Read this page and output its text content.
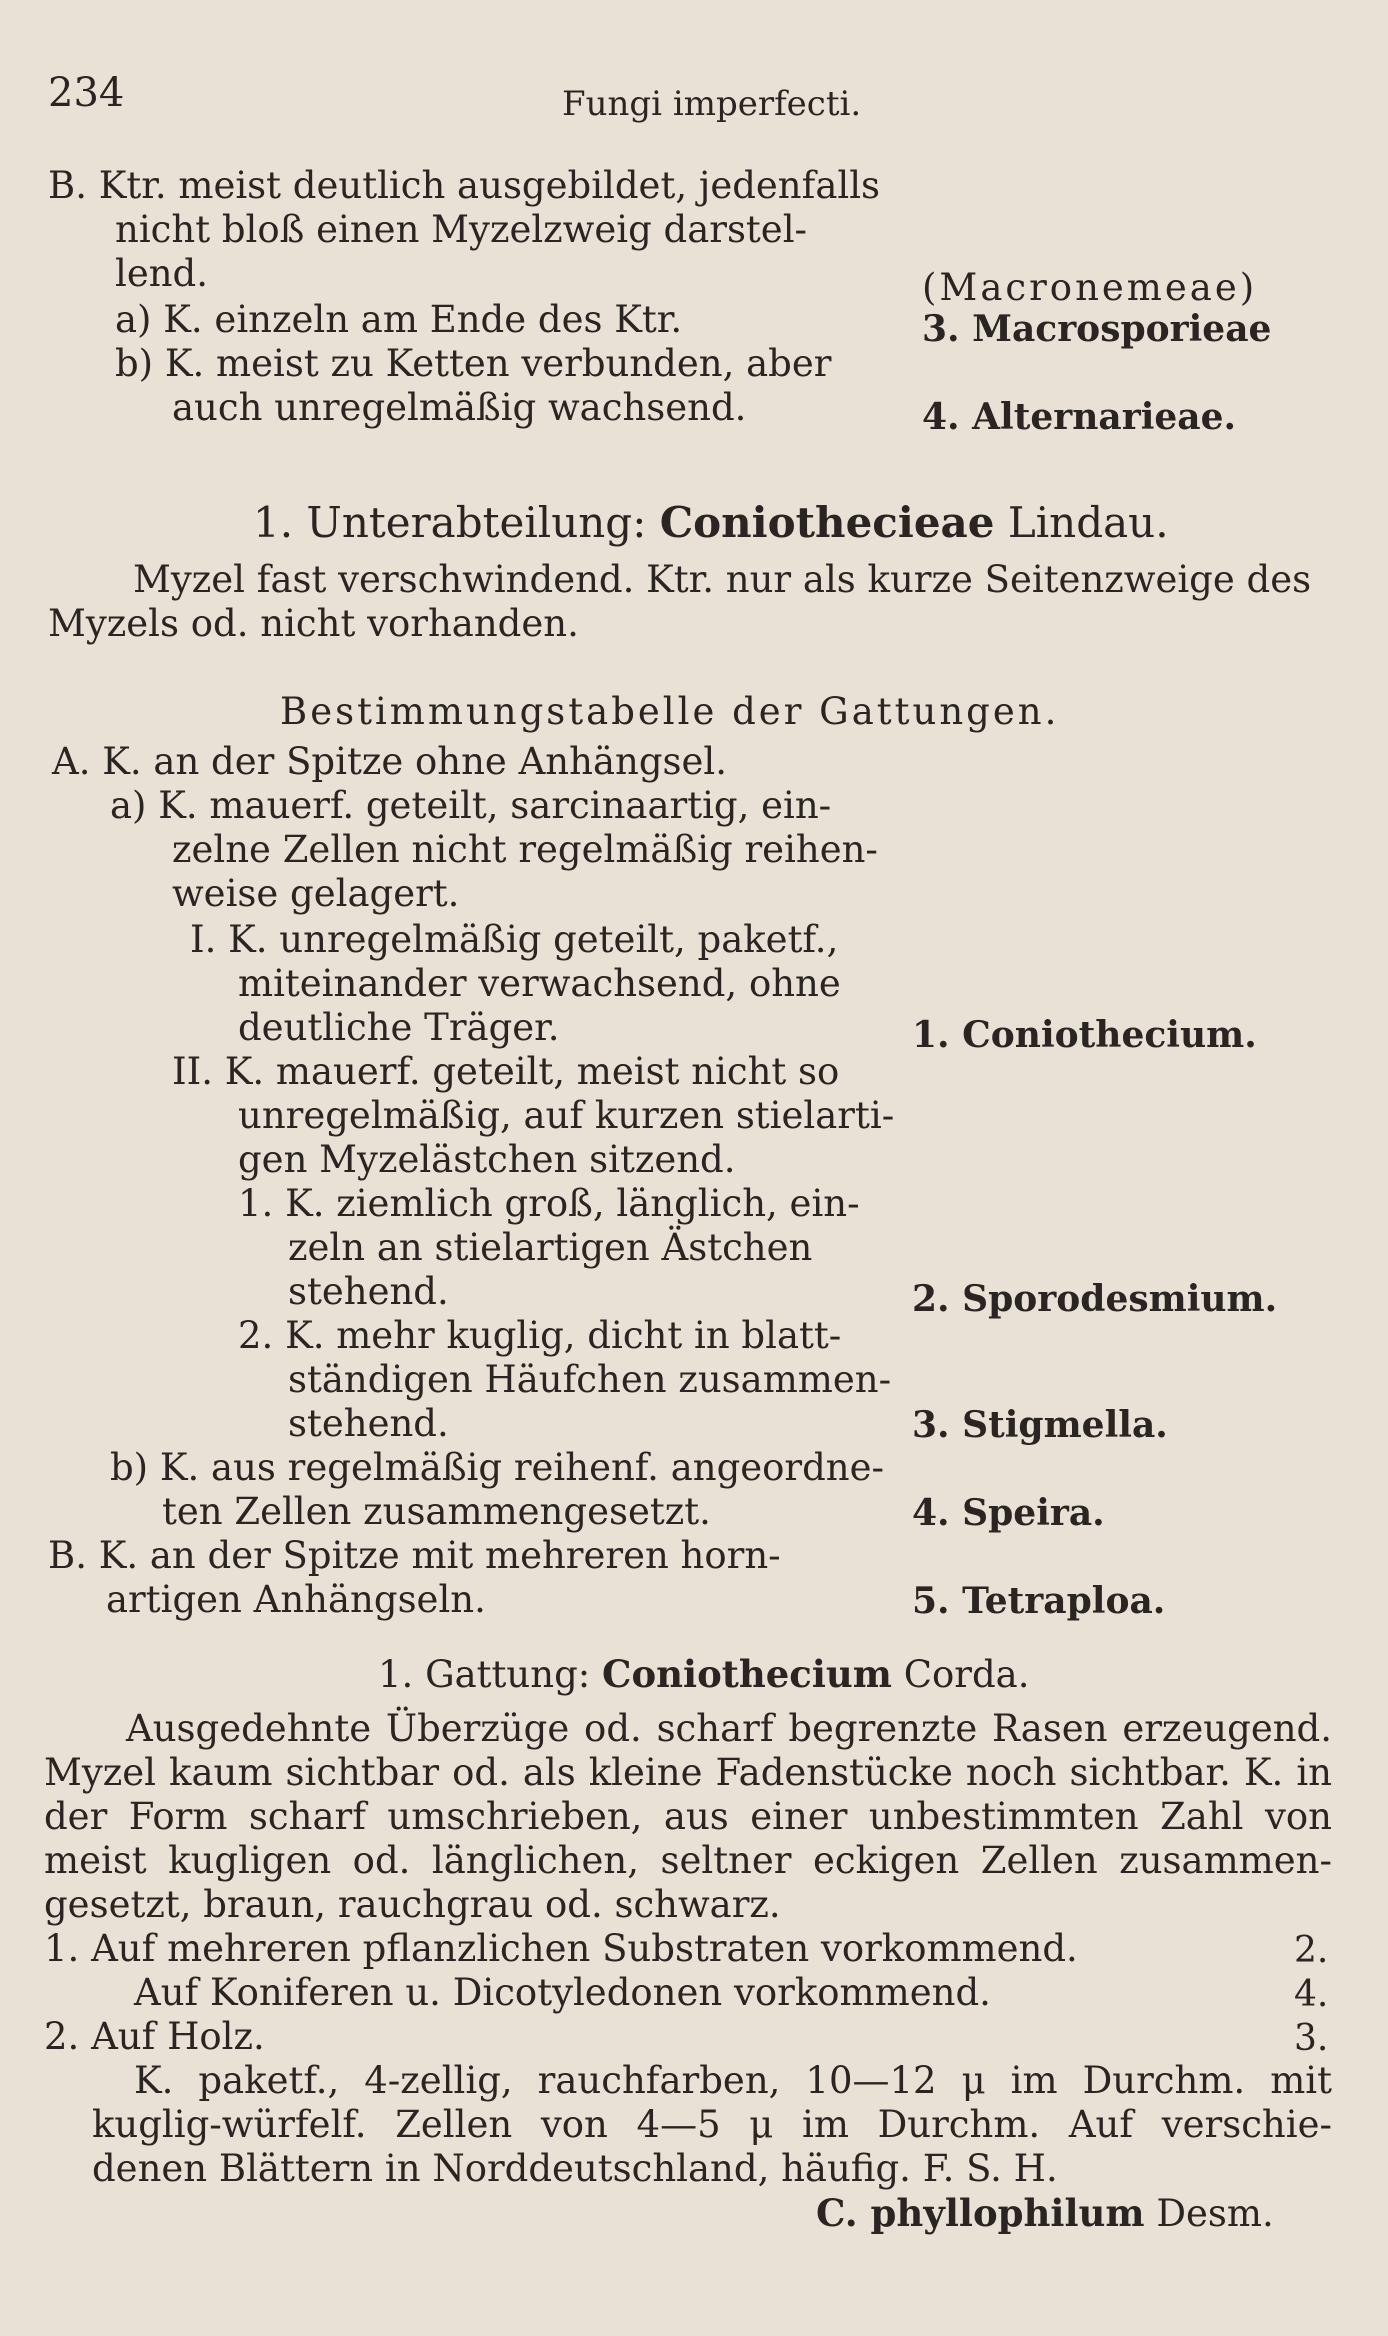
234	Fungi imperfecti.
B. Ktr. meist deutlich ausgebildet, jedenfalls
nicht bloß einen Myzelzweig darstel-
lend.	(Macronemeae)
a) K. einzeln am Ende des Ktr.	3. Macrosporieae
b) K. meist zu Ketten verbunden, aber
auch unregelmäßig wachsend.	4. Alternarieae.
1. Unterabteilung: Coniothecieae Lindau.
Myzel fast verschwindend. Ktr. nur als kurze Seitenzweige des
Myzels od. nicht vorhanden.
Bestimmungstabelle der Gattungen.
A. K. an der Spitze ohne Anhängsel.
a) K. mauerf. geteilt, sarcinaartig, ein-
zelne Zellen nicht regelmäßig reihen-
weise gelagert.
I. K. unregelmäßig geteilt, paketf.,
miteinander verwachsend, ohne
deutliche Träger.	1. Coniothecium.
II. K. mauerf. geteilt, meist nicht so
unregelmäßig, auf kurzen stielarti-
gen Myzelästchen sitzend.
1. K. ziemlich groß, länglich, ein-
zeln an stielartigen Ästchen
stehend.	2. Sporodesmium.
2. K. mehr kuglig, dicht in blatt-
ständigen Häufchen zusammen-
stehend.	3. Stigmella.
b) K. aus regelmäßig reihenf. angeordne-
ten Zellen zusammengesetzt.	4. Speira.
B. K. an der Spitze mit mehreren horn-
artigen Anhängseln.	5. Tetraploa.
1. Gattung: Coniothecium Corda.
Ausgedehnte Überzüge od. scharf begrenzte Rasen erzeugend.
Myzel kaum sichtbar od. als kleine Fadenstücke noch sichtbar. K. in
der Form scharf umschrieben, aus einer unbestimmten Zahl von
meist kugligen od. länglichen, seltner eckigen Zellen zusammen-
gesetzt, braun, rauchgrau od. schwarz.
1. Auf mehreren pflanzlichen Substraten vorkommend.	2.
Auf Koniferen u. Dicotyledonen vorkommend.	4.
2. Auf Holz.	3.
K. paketf., 4-zellig, rauchfarben, 10—12 μ im Durchm. mit
kuglig-würfelf. Zellen von 4—5 μ im Durchm. Auf verschie-
denen Blättern in Norddeutschland, häufig. F. S. H.
C. phyllophilum Desm.
